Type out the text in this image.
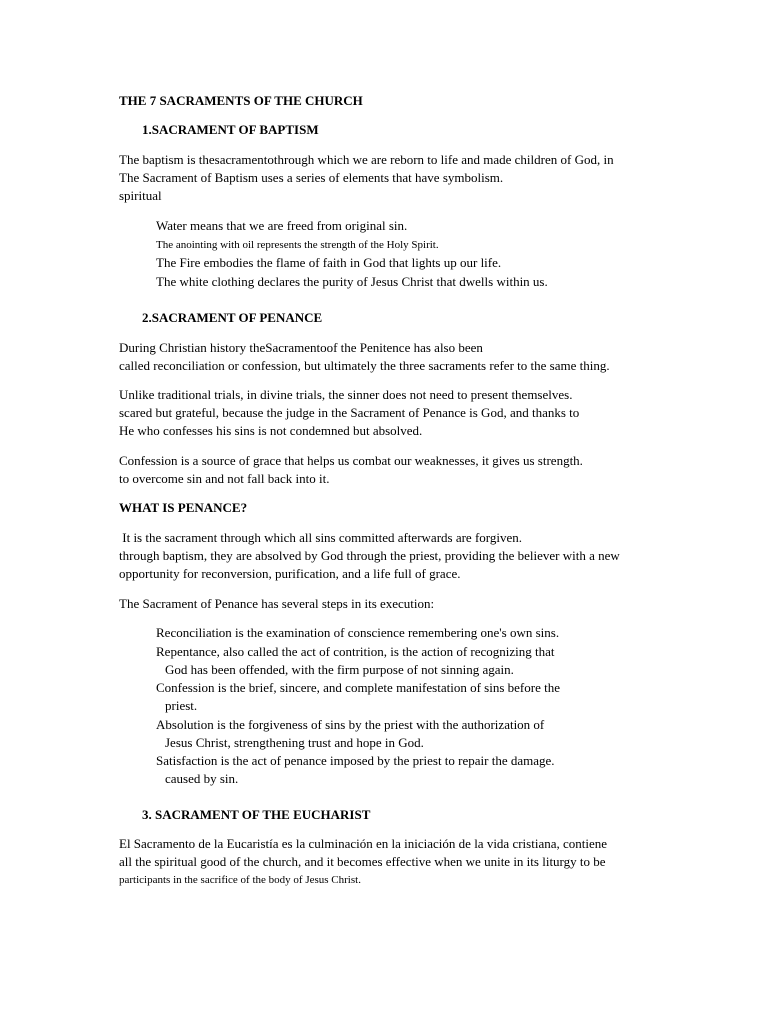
THE 7 SACRAMENTS OF THE CHURCH
1.SACRAMENT OF BAPTISM
The baptism is thesacramentothrough which we are reborn to life and made children of God, in
The Sacrament of Baptism uses a series of elements that have symbolism.
spiritual
Water means that we are freed from original sin.
The anointing with oil represents the strength of the Holy Spirit.
The Fire embodies the flame of faith in God that lights up our life.
The white clothing declares the purity of Jesus Christ that dwells within us.
2.SACRAMENT OF PENANCE
During Christian history theSacramentoof the Penitence has also been
called reconciliation or confession, but ultimately the three sacraments refer to the same thing.
Unlike traditional trials, in divine trials, the sinner does not need to present themselves.
scared but grateful, because the judge in the Sacrament of Penance is God, and thanks to
He who confesses his sins is not condemned but absolved.
Confession is a source of grace that helps us combat our weaknesses, it gives us strength.
to overcome sin and not fall back into it.
WHAT IS PENANCE?
It is the sacrament through which all sins committed afterwards are forgiven.
through baptism, they are absolved by God through the priest, providing the believer with a new
opportunity for reconversion, purification, and a life full of grace.
The Sacrament of Penance has several steps in its execution:
Reconciliation is the examination of conscience remembering one's own sins.
Repentance, also called the act of contrition, is the action of recognizing that
God has been offended, with the firm purpose of not sinning again.
Confession is the brief, sincere, and complete manifestation of sins before the
priest.
Absolution is the forgiveness of sins by the priest with the authorization of
Jesus Christ, strengthening trust and hope in God.
Satisfaction is the act of penance imposed by the priest to repair the damage.
caused by sin.
3. SACRAMENT OF THE EUCHARIST
El Sacramento de la Eucaristía es la culminación en la iniciación de la vida cristiana, contiene
all the spiritual good of the church, and it becomes effective when we unite in its liturgy to be
participants in the sacrifice of the body of Jesus Christ.
